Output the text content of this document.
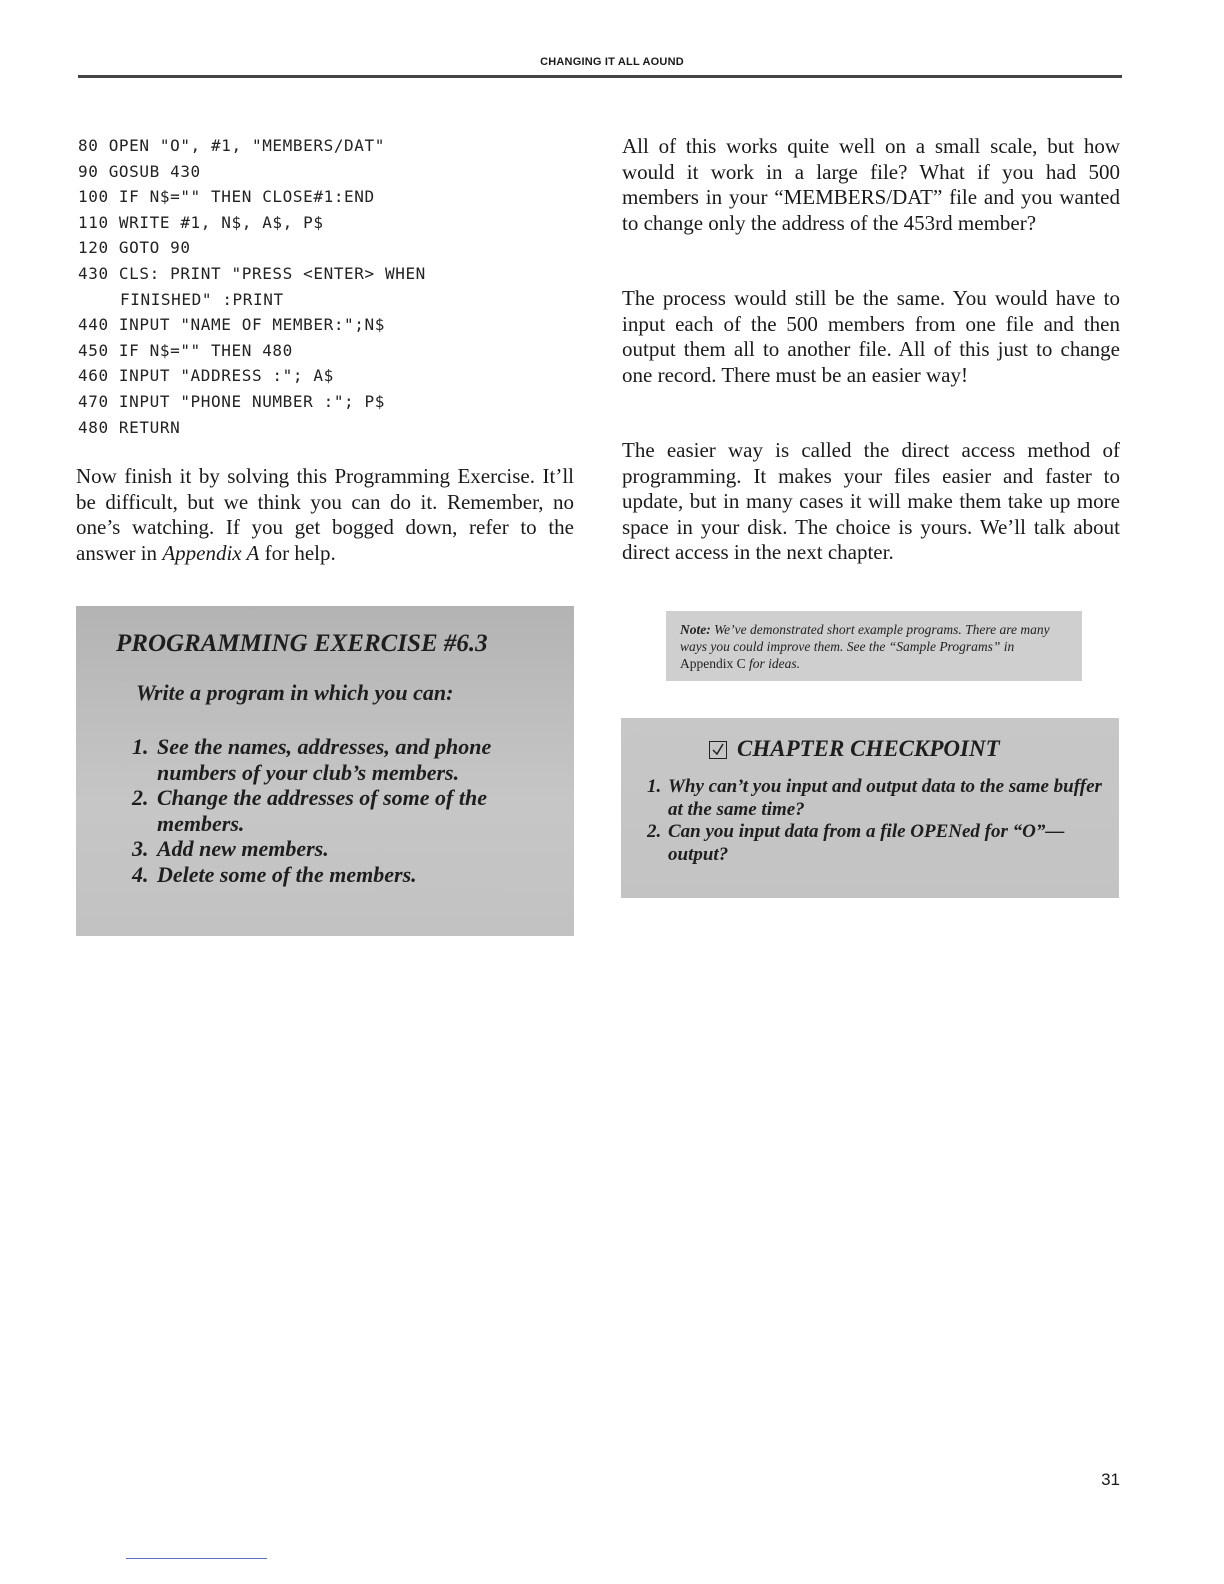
CHANGING IT ALL AOUND
80 OPEN "O", #1, "MEMBERS/DAT"
90 GOSUB 430
100 IF N$="" THEN CLOSE#1:END
110 WRITE #1, N$, A$, P$
120 GOTO 90
430 CLS: PRINT "PRESS <ENTER> WHEN
FINISHED" :PRINT
440 INPUT "NAME OF MEMBER:";N$
450 IF N$="" THEN 480
460 INPUT "ADDRESS :"; A$
470 INPUT "PHONE NUMBER :"; P$
480 RETURN
Now finish it by solving this Programming Exercise. It’ll be difficult, but we think you can do it. Remember, no one’s watching. If you get bogged down, refer to the answer in Appendix A for help.
PROGRAMMING EXERCISE #6.3
Write a program in which you can:
1. See the names, addresses, and phone numbers of your club’s members.
2. Change the addresses of some of the members.
3. Add new members.
4. Delete some of the members.
All of this works quite well on a small scale, but how would it work in a large file? What if you had 500 members in your “MEMBERS/DAT” file and you wanted to change only the address of the 453rd member?
The process would still be the same. You would have to input each of the 500 members from one file and then output them all to another file. All of this just to change one record. There must be an easier way!
The easier way is called the direct access method of programming. It makes your files easier and faster to update, but in many cases it will make them take up more space in your disk. The choice is yours. We’ll talk about direct access in the next chapter.
Note: We’ve demonstrated short example programs. There are many ways you could improve them. See the “Sample Programs” in Appendix C for ideas.
CHAPTER CHECKPOINT
1. Why can’t you input and output data to the same buffer at the same time?
2. Can you input data from a file OPENed for “O”—output?
31
